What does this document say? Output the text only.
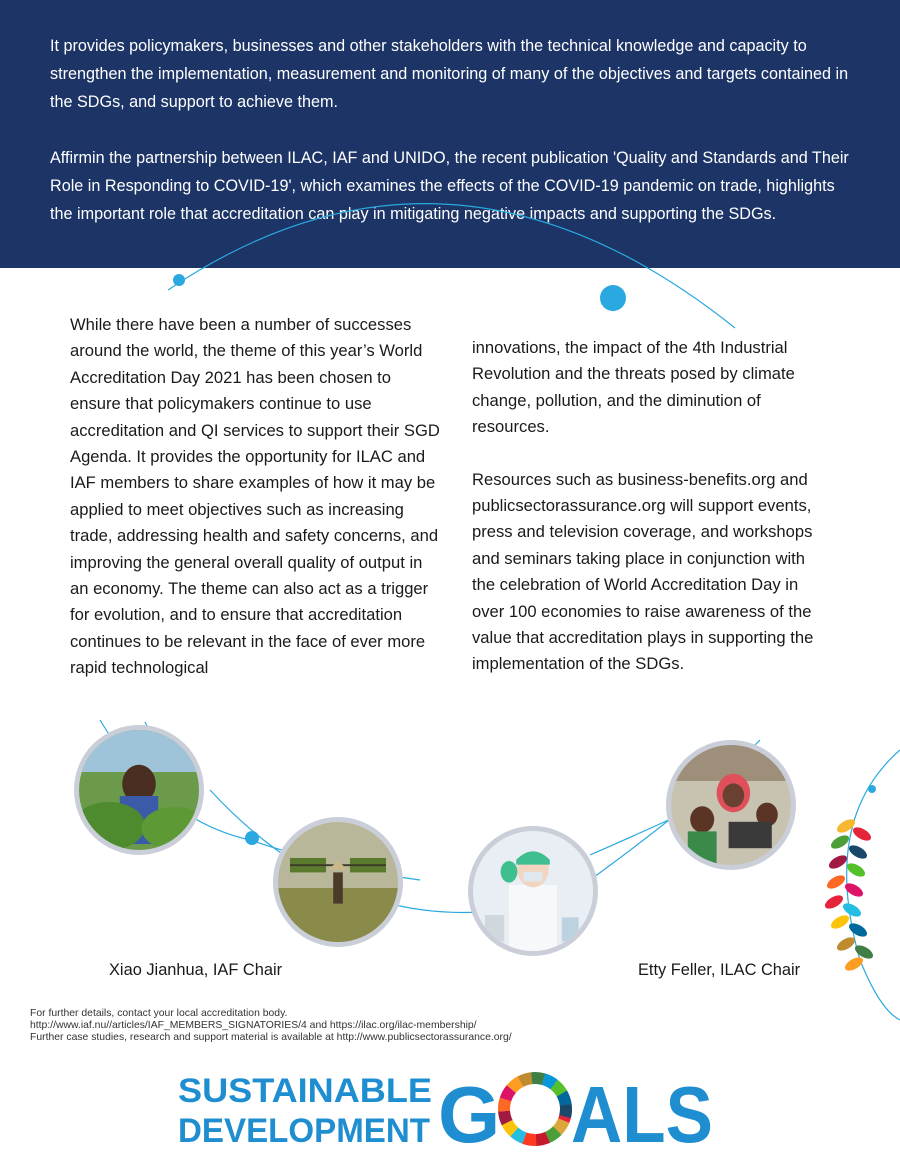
It provides policymakers, businesses and other stakeholders with the technical knowledge and capacity to strengthen the implementation, measurement and monitoring of many of the objectives and targets contained in the SDGs, and support to achieve them.
Affirmin the partnership between ILAC, IAF and UNIDO, the recent publication 'Quality and Standards and Their Role in Responding to COVID-19', which examines the effects of the COVID-19 pandemic on trade, highlights the important role that accreditation can play in mitigating negative impacts and supporting the SDGs.

While there have been a number of successes around the world, the theme of this year’s World Accreditation Day 2021 has been chosen to ensure that policymakers continue to use accreditation and QI services to support their SGD Agenda. It provides the opportunity for ILAC and IAF members to share examples of how it may be applied to meet objectives such as increasing trade, addressing health and safety concerns, and improving the general overall quality of output in an economy. The theme can also act as a trigger for evolution, and to ensure that accreditation continues to be relevant in the face of ever more rapid technological

innovations, the impact of the 4th Industrial Revolution and the threats posed by climate change, pollution, and the diminution of resources.

Resources such as business-benefits.org and publicsectorassurance.org will support events, press and television coverage, and workshops and seminars taking place in conjunction with the celebration of World Accreditation Day in over 100 economies to raise awareness of the value that accreditation plays in supporting the implementation of the SDGs.

Xiao Jianhua, IAF Chair	Etty Feller, ILAC Chair
For further details, contact your local accreditation body.
http://www.iaf.nu//articles/IAF_MEMBERS_SIGNATORIES/4 and https://ilac.org/ilac-membership/
Further case studies, research and support material is available at http://www.publicsectorassurance.org/
SUSTAINABLE
DEVELOPMENT G ALS
